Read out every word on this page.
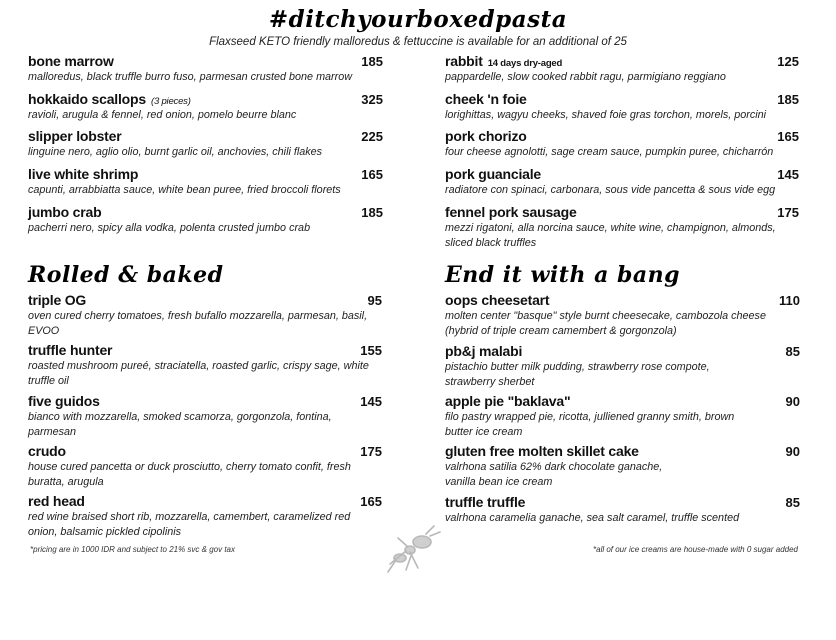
#ditchyourboxedpasta
Flaxseed KETO friendly malloredus & fettuccine is available for an additional of 25
bone marrow	185
malloredus, black truffle burro fuso, parmesan crusted bone marrow
hokkaido scallops (3 pieces)	325
ravioli, arugula & fennel, red onion, pomelo beurre blanc
slipper lobster	225
linguine nero, aglio olio, burnt garlic oil, anchovies, chili flakes
live white shrimp	165
capunti, arrabbiatta sauce, white bean puree, fried broccoli florets
jumbo crab	185
pacherri nero, spicy alla vodka, polenta crusted jumbo crab
rabbit 14 days dry-aged	125
pappardelle, slow cooked rabbit ragu, parmigiano reggiano
cheek 'n foie	185
lorighittas, wagyu cheeks, shaved foie gras torchon, morels, porcini
pork chorizo	165
four cheese agnolotti, sage cream sauce, pumpkin puree, chicharrón
pork guanciale	145
radiatore con spinaci, carbonara, sous vide pancetta & sous vide egg
fennel pork sausage	175
mezzi rigatoni, alla norcina sauce, white wine, champignon, almonds, sliced black truffles
Rolled & baked	End it with a bang
triple OG	95
oven cured cherry tomatoes, fresh bufallo mozzarella, parmesan, basil, EVOO
truffle hunter	155
roasted mushroom pureé, straciatella, roasted garlic, crispy sage, white truffle oil
five guidos	145
bianco with mozzarella, smoked scamorza, gorgonzola, fontina, parmesan
crudo	175
house cured pancetta or duck prosciutto, cherry tomato confit, fresh buratta, arugula
red head	165
red wine braised short rib, mozzarella, camembert, caramelized red onion, balsamic pickled cipolinis
oops cheesetart	110
molten center "basque" style burnt cheesecake, cambozola cheese (hybrid of triple cream camembert & gorgonzola)
pb&j malabi	85
pistachio butter milk pudding, strawberry rose compote, strawberry sherbet
apple pie "baklava"	90
filo pastry wrapped pie, ricotta, julliened granny smith, brown butter ice cream
gluten free molten skillet cake	90
valrhona satilia 62% dark chocolate ganache, vanilla bean ice cream
truffle truffle	85
valrhona caramelia ganache, sea salt caramel, truffle scented
*pricing are in 1000 IDR and subject to 21% svc & gov tax	*all of our ice creams are house-made with 0 sugar added
